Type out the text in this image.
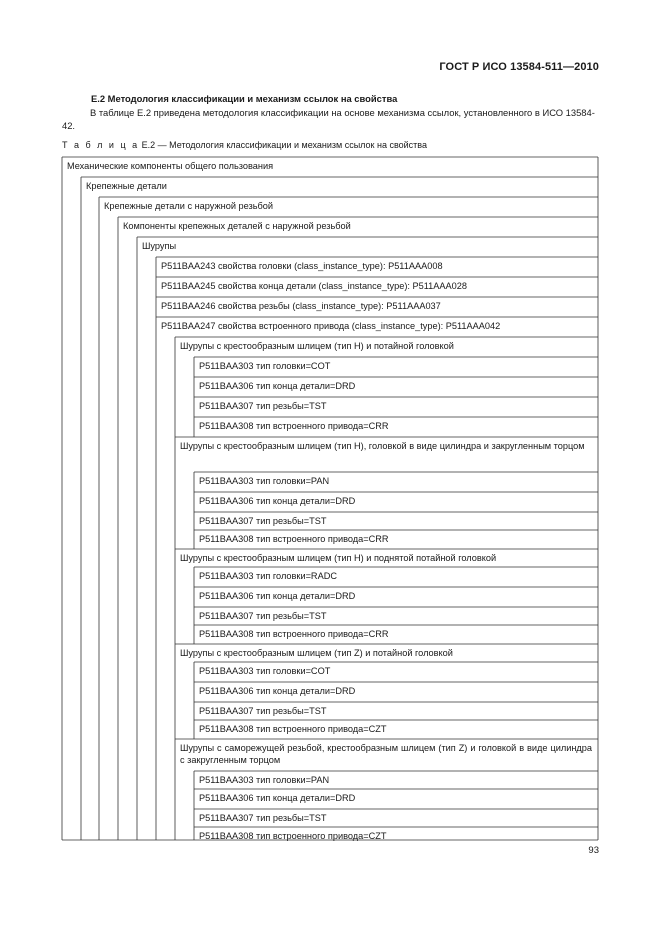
ГОСТ Р ИСО 13584-511—2010
E.2 Методология классификации и механизм ссылок на свойства
В таблице E.2 приведена методология классификации на основе механизма ссылок, установленного в ИСО 13584-42.
Т а б л и ц а E.2 — Методология классификации и механизм ссылок на свойства
Механические компоненты общего пользования
Крепежные детали
Крепежные детали с наружной резьбой
Компоненты крепежных деталей с наружной резьбой
Шурупы
P511BAA243 свойства головки (class_instance_type): P511AAA008
P511BAA245 свойства конца детали (class_instance_type): P511AAA028
P511BAA246 свойства резьбы (class_instance_type): P511AAA037
P511BAA247 свойства встроенного привода (class_instance_type): P511AAA042
Шурупы с крестообразным шлицем (тип H) и потайной головкой
P511BAA303 тип головки=COT
P511BAA306 тип конца детали=DRD
P511BAA307 тип резьбы=TST
P511BAA308 тип встроенного привода=CRR
Шурупы с крестообразным шлицем (тип H), головкой в виде цилиндра и закругленным торцом
P511BAA303 тип головки=PAN
P511BAA306 тип конца детали=DRD
P511BAA307 тип резьбы=TST
P511BAA308 тип встроенного привода=CRR
Шурупы с крестообразным шлицем (тип H) и поднятой потайной головкой
P511BAA303 тип головки=RADC
P511BAA306 тип конца детали=DRD
P511BAA307 тип резьбы=TST
P511BAA308 тип встроенного привода=CRR
Шурупы с крестообразным шлицем (тип Z) и потайной головкой
P511BAA303 тип головки=COT
P511BAA306 тип конца детали=DRD
P511BAA307 тип резьбы=TST
P511BAA308 тип встроенного привода=CZT
Шурупы с саморежущей резьбой, крестообразным шлицем (тип Z) и головкой в виде цилиндра с закругленным торцом
P511BAA303 тип головки=PAN
P511BAA306 тип конца детали=DRD
P511BAA307 тип резьбы=TST
P511BAA308 тип встроенного привода=CZT
93
